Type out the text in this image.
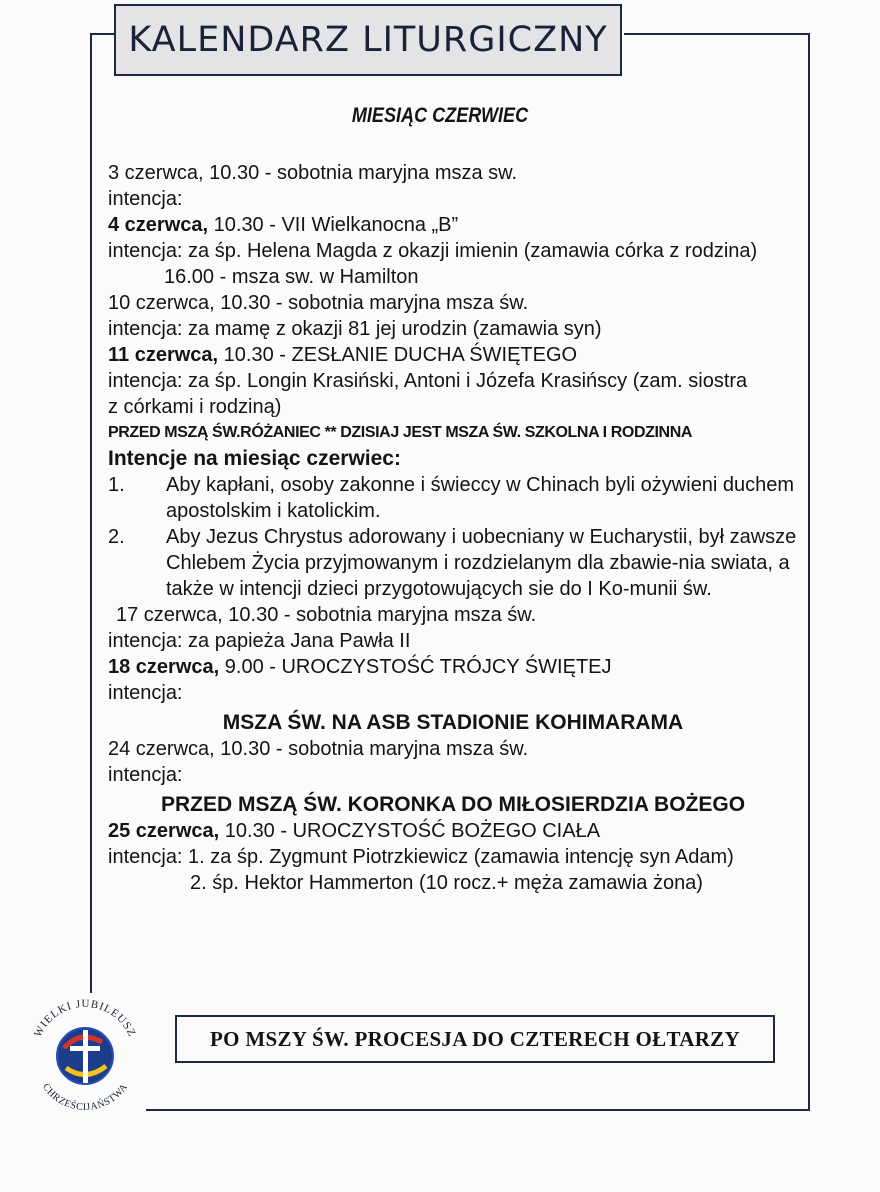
KALENDARZ LITURGICZNY
MIESIĄC CZERWIEC
3 czerwca, 10.30 - sobotnia maryjna msza sw.
intencja:
4 czerwca, 10.30 - VII Wielkanocna „B”
intencja: za śp. Helena Magda z okazji imienin (zamawia córka z rodzina)
16.00 - msza sw. w Hamilton
10 czerwca, 10.30 - sobotnia maryjna msza św.
intencja: za mamę z okazji 81 jej urodzin (zamawia syn)
11 czerwca, 10.30 - ZESŁANIE DUCHA ŚWIĘTEGO
intencja: za śp. Longin Krasiński, Antoni i Józefa Krasińscy (zam. siostra
z córkami i rodziną)
PRZED MSZĄ ŚW.RÓŻANIEC ** DZISIAJ JEST MSZA ŚW. SZKOLNA I RODZINNA
Intencje na miesiąc czerwiec:
1.	Aby kapłani, osoby zakonne i świeccy w Chinach byli ożywieni duchem apostolskim i katolickim.
2.	Aby Jezus Chrystus adorowany i uobecniany w Eucharystii, był zawsze Chlebem Życia przyjmowanym i rozdzielanym dla zbawie-nia swiata, a także w intencji dzieci przygotowujących sie do I Ko-munii św.
17 czerwca, 10.30 - sobotnia maryjna msza św.
intencja: za papieża Jana Pawła II
18 czerwca, 9.00 - UROCZYSTOŚĆ TRÓJCY ŚWIĘTEJ
intencja:
MSZA ŚW. NA ASB STADIONIE KOHIMARAMA
24 czerwca, 10.30 - sobotnia maryjna msza św.
intencja:
PRZED MSZĄ ŚW. KORONKA DO MIŁOSIERDZIA BOŻEGO
25 czerwca, 10.30 - UROCZYSTOŚĆ BOŻEGO CIAŁA
intencja: 1. za śp. Zygmunt Piotrzkiewicz (zamawia intencję syn Adam)
2. śp. Hektor Hammerton (10 rocz.+ męża zamawia żona)
PO MSZY ŚW. PROCESJA DO CZTERECH OŁTARZY
WIELKI JUBILEUSZ
CHRZEŚCIJAŃSTWA
